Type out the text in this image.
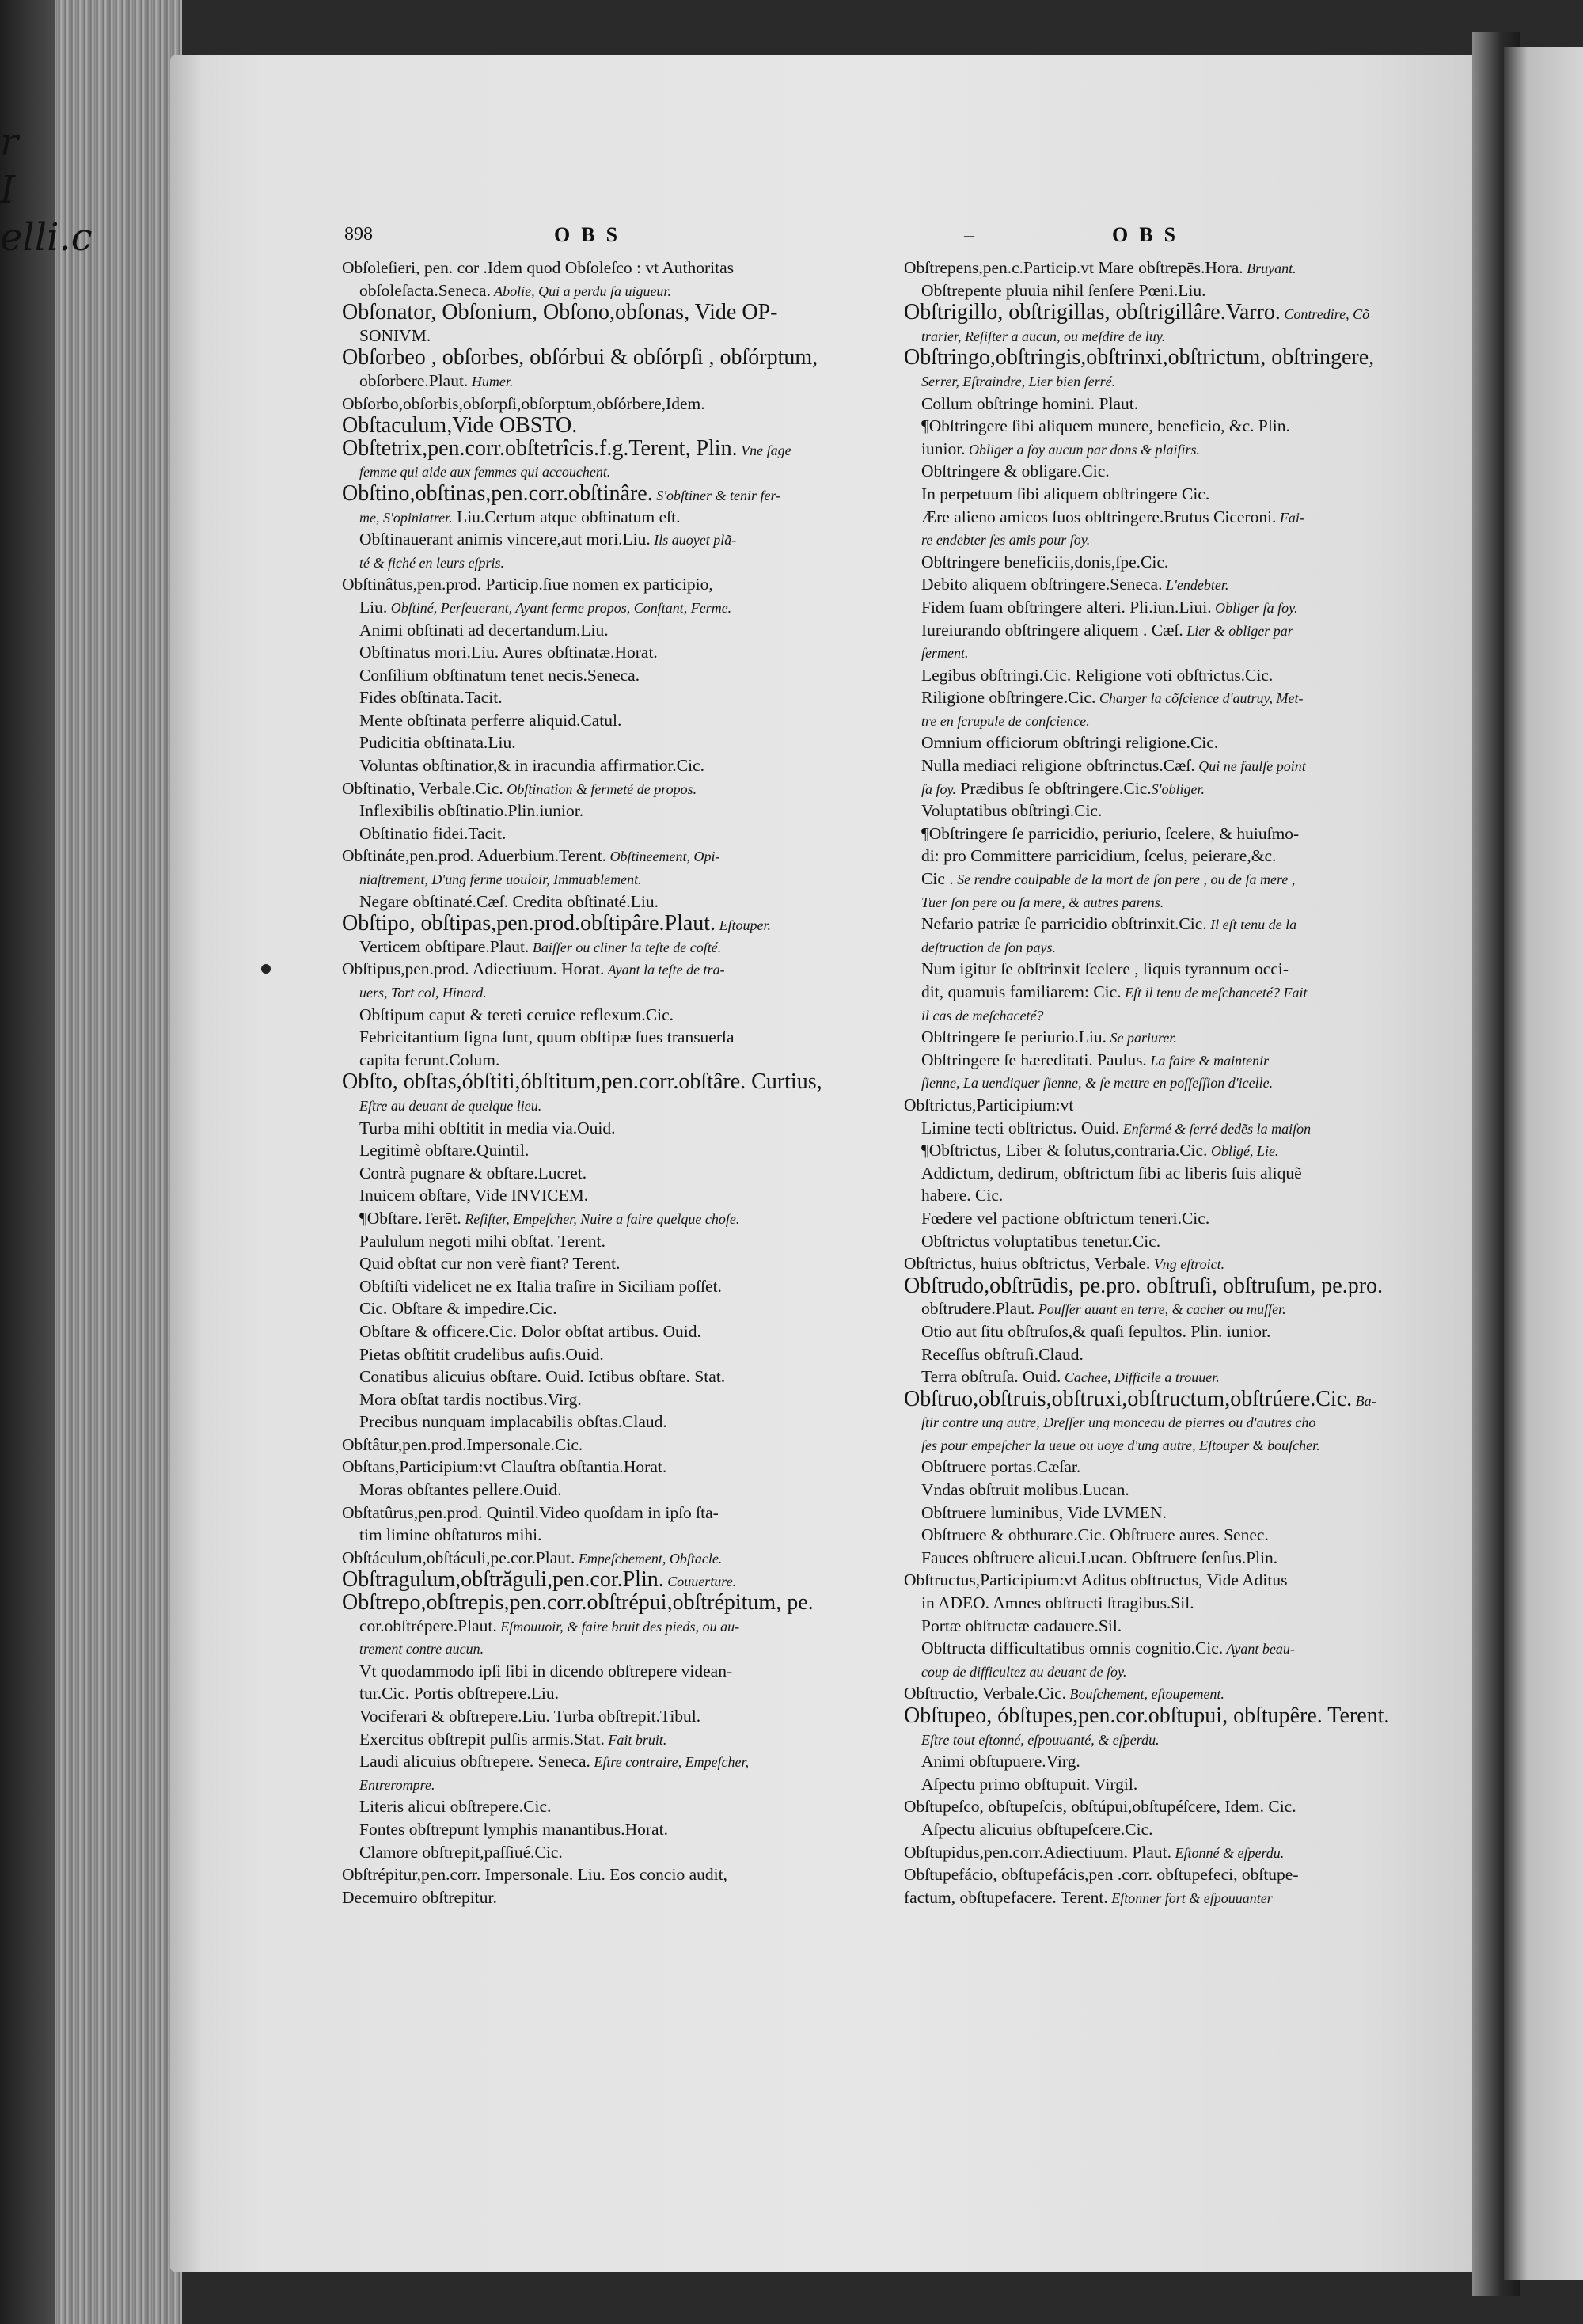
r
I
elli.c	898	OBS	–	OBS
Obſoleſieri, pen. cor .Idem quod Obſoleſco : vt Authoritas
obſoleſacta.Seneca. Abolie, Qui a perdu ſa uigueur.
Obſonator, Obſonium, Obſono,obſonas, Vide OP-
SONIVM.
Obſorbeo , obſorbes, obſórbui & obſórpſi , obſórptum,
obſorbere.Plaut. Humer.
Obſorbo,obſorbis,obſorpſi,obſorptum,obſórbere,Idem.
Obſtaculum,Vide OBSTO.
Obſtetrix,pen.corr.obſtetrîcis.f.g.Terent, Plin. Vne ſage
femme qui aide aux femmes qui accouchent.
Obſtino,obſtinas,pen.corr.obſtinâre. S'obſtiner & tenir fer-
me, S'opiniatrer. Liu.Certum atque obſtinatum eſt.
Obſtinauerant animis vincere,aut mori.Liu. Ils auoyet plã-
té & fiché en leurs eſpris.
Obſtinâtus,pen.prod. Particip.ſiue nomen ex participio,
Liu. Obſtiné, Perſeuerant, Ayant ferme propos, Conſtant, Ferme.
Animi obſtinati ad decertandum.Liu.
Obſtinatus mori.Liu. Aures obſtinatæ.Horat.
Conſilium obſtinatum tenet necis.Seneca.
Fides obſtinata.Tacit.
Mente obſtinata perferre aliquid.Catul.
Pudicitia obſtinata.Liu.
Voluntas obſtinatior,& in iracundia affirmatior.Cic.
Obſtinatio, Verbale.Cic. Obſtination & fermeté de propos.
Inflexibilis obſtinatio.Plin.iunior.
Obſtinatio fidei.Tacit.
Obſtináte,pen.prod. Aduerbium.Terent. Obſtineement, Opi-
niaſtrement, D'ung ferme uouloir, Immuablement.
Negare obſtinaté.Cæſ. Credita obſtinaté.Liu.
Obſtipo, obſtipas,pen.prod.obſtipâre.Plaut. Eſtouper.
Verticem obſtipare.Plaut. Baiſſer ou cliner la teſte de coſté.
Obſtipus,pen.prod. Adiectiuum. Horat. Ayant la teſte de tra-
uers, Tort col, Hinard.
Obſtipum caput & tereti ceruice reflexum.Cic.
Febricitantium ſigna ſunt, quum obſtipæ ſues transuerſa
capita ferunt.Colum.
Obſto, obſtas,óbſtiti,óbſtitum,pen.corr.obſtâre. Curtius,
Eſtre au deuant de quelque lieu.
Turba mihi obſtitit in media via.Ouid.
Legitimè obſtare.Quintil.
Contrà pugnare & obſtare.Lucret.
Inuicem obſtare, Vide INVICEM.
¶Obſtare.Terēt. Reſiſter, Empeſcher, Nuire a faire quelque choſe.
Paululum negoti mihi obſtat. Terent.
Quid obſtat cur non verè fiant? Terent.
Obſtiſti videlicet ne ex Italia traſire in Siciliam poſſēt.
Cic. Obſtare & impedire.Cic.
Obſtare & officere.Cic. Dolor obſtat artibus. Ouid.
Pietas obſtitit crudelibus auſis.Ouid.
Conatibus alicuius obſtare. Ouid. Ictibus obſtare. Stat.
Mora obſtat tardis noctibus.Virg.
Precibus nunquam implacabilis obſtas.Claud.
Obſtâtur,pen.prod.Impersonale.Cic.
Obſtans,Participium:vt Clauſtra obſtantia.Horat.
Moras obſtantes pellere.Ouid.
Obſtatûrus,pen.prod. Quintil.Video quoſdam in ipſo ſta-
tim limine obſtaturos mihi.
Obſtáculum,obſtáculi,pe.cor.Plaut. Empeſchement, Obſtacle.
Obſtragulum,obſtrăguli,pen.cor.Plin. Couuerture.
Obſtrepo,obſtrepis,pen.corr.obſtrépui,obſtrépitum, pe.
cor.obſtrépere.Plaut. Eſmouuoir, & faire bruit des pieds, ou au-
trement contre aucun.
Vt quodammodo ipſi ſibi in dicendo obſtrepere videan-
tur.Cic. Portis obſtrepere.Liu.
Vociferari & obſtrepere.Liu. Turba obſtrepit.Tibul.
Exercitus obſtrepit pulſis armis.Stat. Fait bruit.
Laudi alicuius obſtrepere. Seneca. Eſtre contraire, Empeſcher,
Entrerompre.
Literis alicui obſtrepere.Cic.
Fontes obſtrepunt lymphis manantibus.Horat.
Clamore obſtrepit,paſſiué.Cic.
Obſtrépitur,pen.corr. Impersonale. Liu. Eos concio audit,
Decemuiro obſtrepitur.
Obſtrepens,pen.c.Particip.vt Mare obſtrepēs.Hora. Bruyant.
Obſtrepente pluuia nihil ſenſere Pœni.Liu.
Obſtrigillo, obſtrigillas, obſtrigillâre.Varro. Contredire, Cõ
trarier, Reſiſter a aucun, ou meſdire de luy.
Obſtringo,obſtringis,obſtrinxi,obſtrictum, obſtringere,
Serrer, Eſtraindre, Lier bien ſerré.
Collum obſtringe homini. Plaut.
¶Obſtringere ſibi aliquem munere, beneficio, &c. Plin.
iunior. Obliger a ſoy aucun par dons & plaiſirs.
Obſtringere & obligare.Cic.
In perpetuum ſibi aliquem obſtringere Cic.
Ære alieno amicos ſuos obſtringere.Brutus Ciceroni. Fai-
re endebter ſes amis pour ſoy.
Obſtringere beneficiis,donis,ſpe.Cic.
Debito aliquem obſtringere.Seneca. L'endebter.
Fidem ſuam obſtringere alteri. Pli.iun.Liui. Obliger ſa foy.
Iureiurando obſtringere aliquem . Cæſ. Lier & obliger par
ſerment.
Legibus obſtringi.Cic. Religione voti obſtrictus.Cic.
Riligione obſtringere.Cic. Charger la cõſcience d'autruy, Met-
tre en ſcrupule de conſcience.
Omnium officiorum obſtringi religione.Cic.
Nulla mediaci religione obſtrinctus.Cæſ. Qui ne faulſe point
ſa foy. Prædibus ſe obſtringere.Cic.S'obliger.
Voluptatibus obſtringi.Cic.
¶Obſtringere ſe parricidio, periurio, ſcelere, & huiuſmo-
di: pro Committere parricidium, ſcelus, peierare,&c.
Cic . Se rendre coulpable de la mort de ſon pere , ou de ſa mere ,
Tuer ſon pere ou ſa mere, & autres parens.
Nefario patriæ ſe parricidio obſtrinxit.Cic. Il eſt tenu de la
deſtruction de ſon pays.
Num igitur ſe obſtrinxit ſcelere , ſiquis tyrannum occi-
dit, quamuis familiarem: Cic. Eſt il tenu de meſchanceté? Fait
il cas de meſchaceté?
Obſtringere ſe periurio.Liu. Se pariurer.
Obſtringere ſe hæreditati. Paulus. La faire & maintenir
ſienne, La uendiquer ſienne, & ſe mettre en poſſeſſion d'icelle.
Obſtrictus,Participium:vt
Limine tecti obſtrictus. Ouid. Enfermé & ſerré dedẽs la maiſon
¶Obſtrictus, Liber & ſolutus,contraria.Cic. Obligé, Lie.
Addictum, dedirum, obſtrictum ſibi ac liberis ſuis aliquẽ
habere. Cic.
Fœdere vel pactione obſtrictum teneri.Cic.
Obſtrictus voluptatibus tenetur.Cic.
Obſtrictus, huius obſtrictus, Verbale. Vng eſtroict.
Obſtrudo,obſtrūdis, pe.pro. obſtruſi, obſtruſum, pe.pro.
obſtrudere.Plaut. Pouſſer auant en terre, & cacher ou muſſer.
Otio aut ſitu obſtruſos,& quaſi ſepultos. Plin. iunior.
Receſſus obſtruſi.Claud.
Terra obſtruſa. Ouid. Cachee, Difficile a trouuer.
Obſtruo,obſtruis,obſtruxi,obſtructum,obſtrúere.Cic. Ba-
ſtir contre ung autre, Dreſſer ung monceau de pierres ou d'autres cho
ſes pour empeſcher la ueue ou uoye d'ung autre, Eſtouper & bouſcher.
Obſtruere portas.Cæſar.
Vndas obſtruit molibus.Lucan.
Obſtruere luminibus, Vide LVMEN.
Obſtruere & obthurare.Cic. Obſtruere aures. Senec.
Fauces obſtruere alicui.Lucan. Obſtruere ſenſus.Plin.
Obſtructus,Participium:vt Aditus obſtructus, Vide Aditus
in ADEO. Amnes obſtructi ſtragibus.Sil.
Portæ obſtructæ cadauere.Sil.
Obſtructa difficultatibus omnis cognitio.Cic. Ayant beau-
coup de difficultez au deuant de ſoy.
Obſtructio, Verbale.Cic. Bouſchement, eſtoupement.
Obſtupeo, óbſtupes,pen.cor.obſtupui, obſtupêre. Terent.
Eſtre tout eſtonné, eſpouuanté, & eſperdu.
Animi obſtupuere.Virg.
Aſpectu primo obſtupuit. Virgil.
Obſtupeſco, obſtupeſcis, obſtúpui,obſtupéſcere, Idem. Cic.
Aſpectu alicuius obſtupeſcere.Cic.
Obſtupidus,pen.corr.Adiectiuum. Plaut. Eſtonné & eſperdu.
Obſtupefácio, obſtupefácis,pen .corr. obſtupefeci, obſtupe-
factum, obſtupefacere. Terent. Eſtonner fort & eſpouuanter
